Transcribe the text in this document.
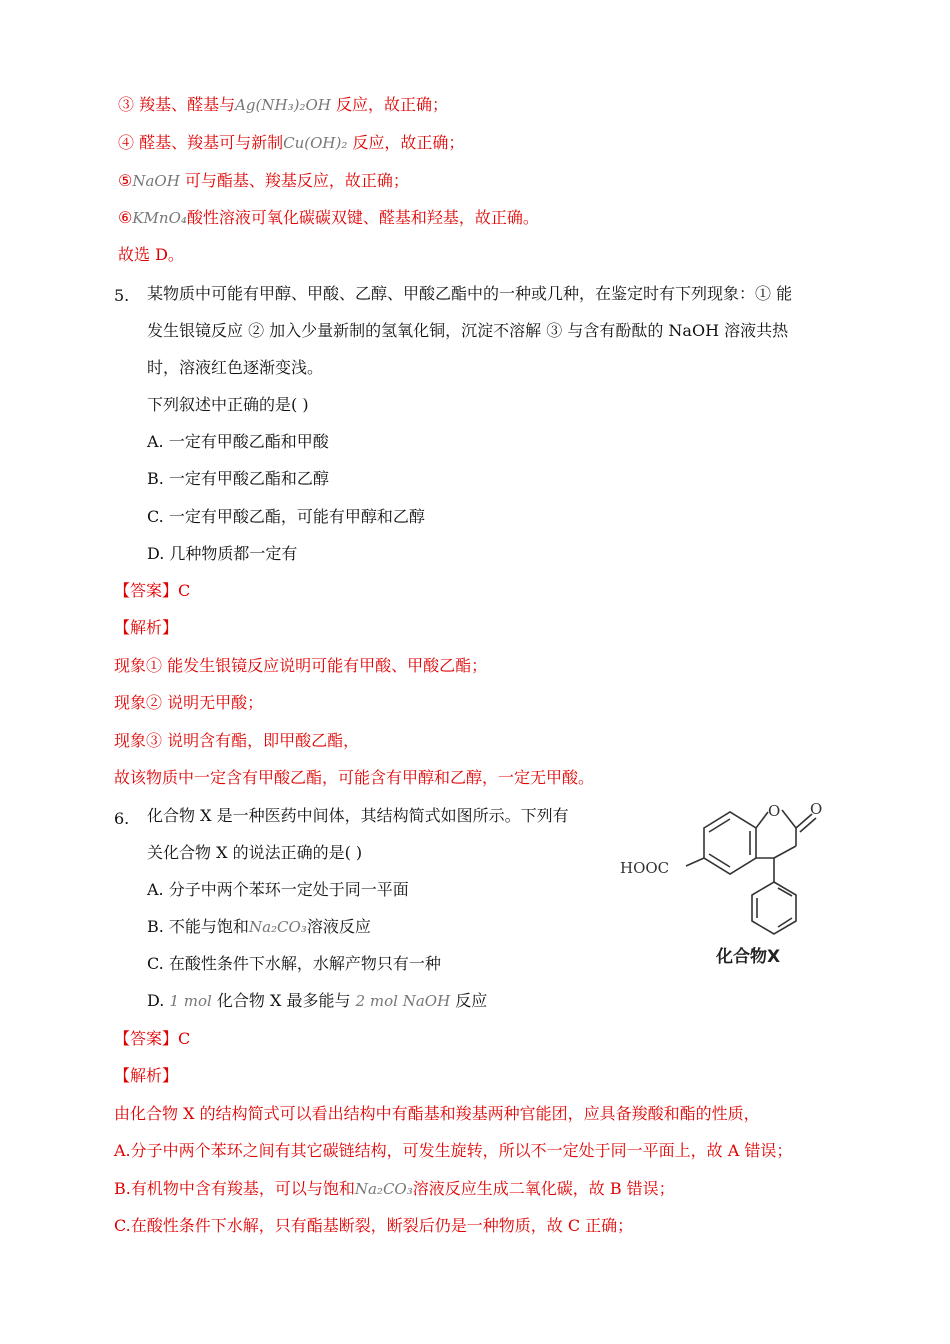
③ 羧基、醛基与Ag(NH₃)₂OH 反应，故正确；
④ 醛基、羧基可与新制Cu(OH)₂ 反应，故正确；
⑤NaOH 可与酯基、羧基反应，故正确；
⑥KMnO₄酸性溶液可氧化碳碳双键、醛基和羟基，故正确。
故选 D。
5. 某物质中可能有甲醇、甲酸、乙醇、甲酸乙酯中的一种或几种，在鉴定时有下列现象：① 能
发生银镜反应 ② 加入少量新制的氢氧化铜，沉淀不溶解 ③ 与含有酚酞的 NaOH 溶液共热
时，溶液红色逐渐变浅。
下列叙述中正确的是( )
A. 一定有甲酸乙酯和甲酸
B. 一定有甲酸乙酯和乙醇
C. 一定有甲酸乙酯，可能有甲醇和乙醇
D. 几种物质都一定有
【答案】C
【解析】
现象① 能发生银镜反应说明可能有甲酸、甲酸乙酯；
现象② 说明无甲酸；
现象③ 说明含有酯，即甲酸乙酯，
故该物质中一定含有甲酸乙酯，可能含有甲醇和乙醇，一定无甲酸。
6. 化合物 X 是一种医药中间体，其结构简式如图所示。下列有
关化合物 X 的说法正确的是( )
A. 分子中两个苯环一定处于同一平面
B. 不能与饱和Na₂CO₃溶液反应
C. 在酸性条件下水解，水解产物只有一种
D. 1 mol 化合物 X 最多能与 2 mol NaOH 反应
【答案】C
【解析】
由化合物 X 的结构简式可以看出结构中有酯基和羧基两种官能团，应具备羧酸和酯的性质，
A.分子中两个苯环之间有其它碳链结构，可发生旋转，所以不一定处于同一平面上，故 A 错误；
B.有机物中含有羧基，可以与饱和Na₂CO₃溶液反应生成二氧化碳，故 B 错误；
C.在酸性条件下水解，只有酯基断裂，断裂后仍是一种物质，故 C 正确；
O O
HOOC
化合物X
